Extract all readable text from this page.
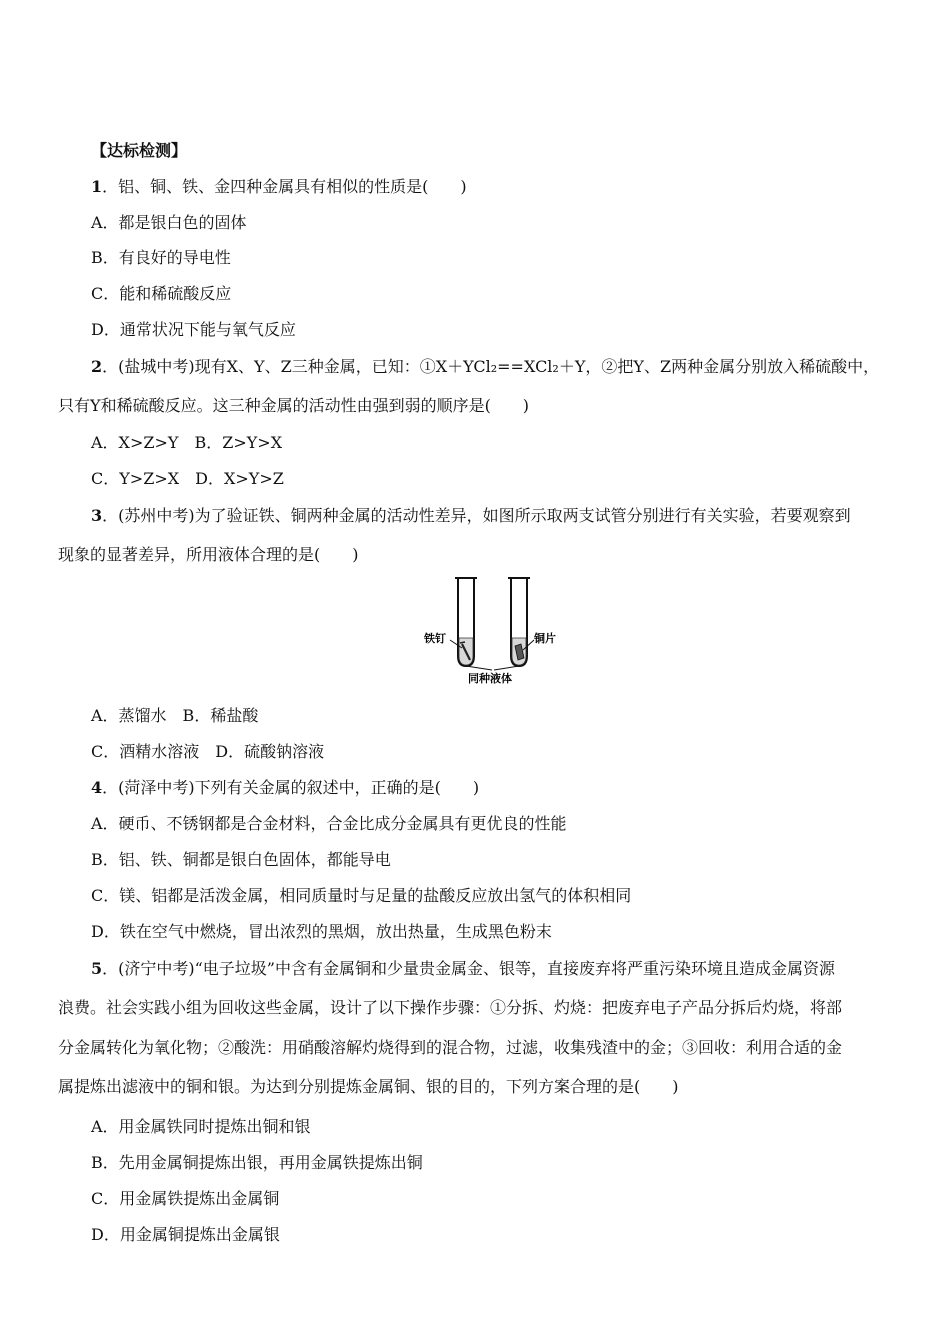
【达标检测】
1．铝、铜、铁、金四种金属具有相似的性质是(　　)
A．都是银白色的固体
B．有良好的导电性
C．能和稀硫酸反应
D．通常状况下能与氧气反应
2．(盐城中考)现有X、Y、Z三种金属，已知：①X＋YCl₂==XCl₂＋Y，②把Y、Z两种金属分别放入稀硫酸中，
只有Y和稀硫酸反应。这三种金属的活动性由强到弱的顺序是(　　)
A．X>Z>Y　B．Z>Y>X
C．Y>Z>X　D．X>Y>Z
3．(苏州中考)为了验证铁、铜两种金属的活动性差异，如图所示取两支试管分别进行有关实验，若要观察到
现象的显著差异，所用液体合理的是(　　)
铁钉	铜片
同种液体
A．蒸馏水　B．稀盐酸
C．酒精水溶液　D．硫酸钠溶液
4．(菏泽中考)下列有关金属的叙述中，正确的是(　　)
A．硬币、不锈钢都是合金材料，合金比成分金属具有更优良的性能
B．铝、铁、铜都是银白色固体，都能导电
C．镁、铝都是活泼金属，相同质量时与足量的盐酸反应放出氢气的体积相同
D．铁在空气中燃烧，冒出浓烈的黑烟，放出热量，生成黑色粉末
5．(济宁中考)“电子垃圾”中含有金属铜和少量贵金属金、银等，直接废弃将严重污染环境且造成金属资源
浪费。社会实践小组为回收这些金属，设计了以下操作步骤：①分拆、灼烧：把废弃电子产品分拆后灼烧，将部
分金属转化为氧化物；②酸洗：用硝酸溶解灼烧得到的混合物，过滤，收集残渣中的金；③回收：利用合适的金
属提炼出滤液中的铜和银。为达到分别提炼金属铜、银的目的，下列方案合理的是(　　)
A．用金属铁同时提炼出铜和银
B．先用金属铜提炼出银，再用金属铁提炼出铜
C．用金属铁提炼出金属铜
D．用金属铜提炼出金属银
